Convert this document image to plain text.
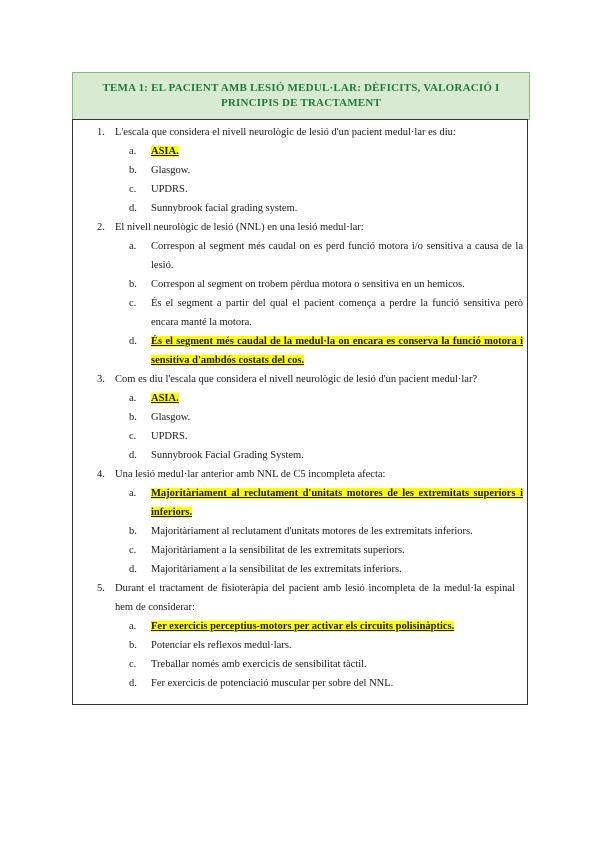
TEMA 1: EL PACIENT AMB LESIÓ MEDUL·LAR: DÈFICITS, VALORACIÓ I PRINCIPIS DE TRACTAMENT
1. L'escala que considera el nivell neurològic de lesió d'un pacient medul·lar es diu:
a.	ASIA.
b.	Glasgow.
c.	UPDRS.
d.	Sunnybrook facial grading system.
2. El nivell neurològic de lesió (NNL) en una lesió medul·lar:
a.	Correspon al segment més caudal on es perd funció motora i/o sensitiva a causa de la lesió.
b.	Correspon al segment on trobem pèrdua motora o sensitiva en un hemicos.
c.	És el segment a partir del qual el pacient comença a perdre la funció sensitiva però encara manté la motora.
d.	És el segment més caudal de la medul·la on encara es conserva la funció motora i sensitiva d'ambdós costats del cos.
3. Com es diu l'escala que considera el nivell neurològic de lesió d'un pacient medul·lar?
a.	ASIA.
b.	Glasgow.
c.	UPDRS.
d.	Sunnybrook Facial Grading System.
4. Una lesió medul·lar anterior amb NNL de C5 incompleta afecta:
a.	Majoritàriament al reclutament d'unitats motores de les extremitats superiors i inferiors.
b.	Majoritàriament al reclutament d'unitats motores de les extremitats inferiors.
c.	Majoritàriament a la sensibilitat de les extremitats superiors.
d.	Majoritàriament a la sensibilitat de les extremitats inferiors.
5. Durant el tractament de fisioteràpia del pacient amb lesió incompleta de la medul·la espinal hem de considerar:
a.	Fer exercicis perceptius-motors per activar els circuits polisinàptics.
b.	Potenciar els reflexos medul·lars.
c.	Treballar només amb exercicis de sensibilitat tàctil.
d.	Fer exercicis de potenciació muscular per sobre del NNL.
